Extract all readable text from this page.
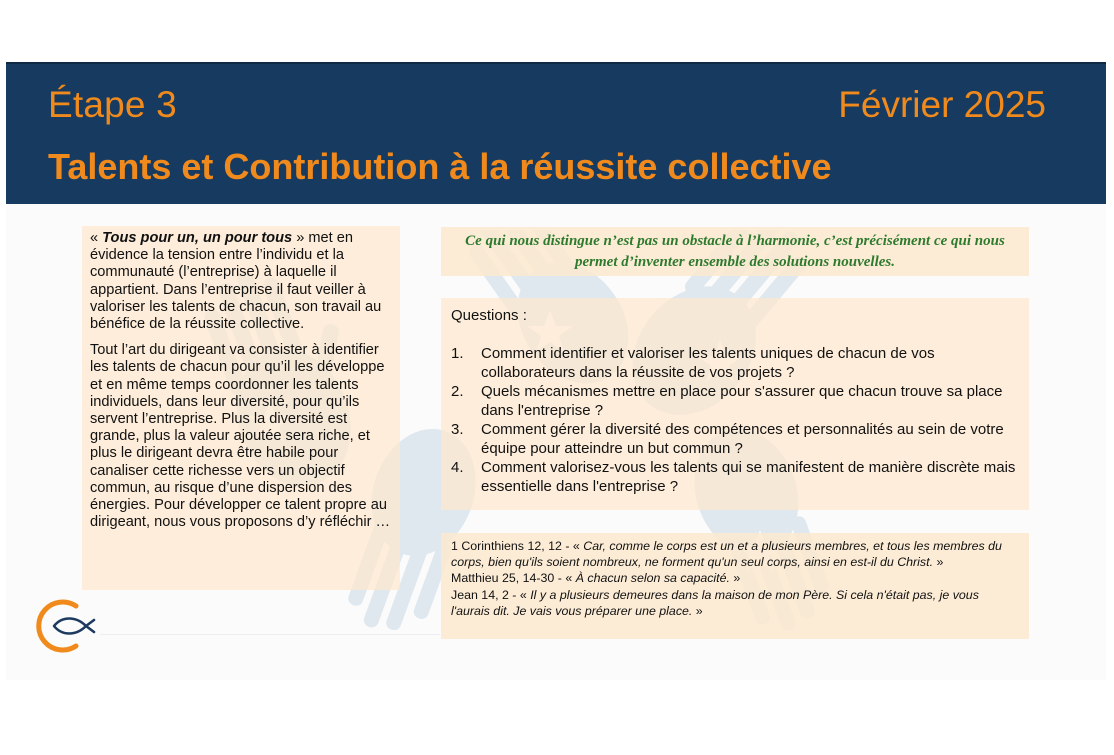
Étape 3	Février 2025
Talents et Contribution à la réussite collective

« Tous pour un, un pour tous » met en évidence la tension entre l’individu et la communauté (l’entreprise) à laquelle il appartient. Dans l’entreprise il faut veiller à valoriser les talents de chacun, son travail au bénéfice de la réussite collective.

Tout l’art du dirigeant va consister à identifier les talents de chacun pour qu’il les développe et en même temps coordonner les talents individuels, dans leur diversité, pour qu’ils servent l’entreprise. Plus la diversité est grande, plus la valeur ajoutée sera riche, et plus le dirigeant devra être habile pour canaliser cette richesse vers un objectif commun, au risque d’une dispersion des énergies. Pour développer ce talent propre au dirigeant, nous vous proposons d’y réfléchir …

Ce qui nous distingue n’est pas un obstacle à l’harmonie, c’est précisément ce qui nous permet d’inventer ensemble des solutions nouvelles.
Questions :
1. Comment identifier et valoriser les talents uniques de chacun de vos collaborateurs dans la réussite de vos projets ?
2. Quels mécanismes mettre en place pour s'assurer que chacun trouve sa place dans l'entreprise ?
3. Comment gérer la diversité des compétences et personnalités au sein de votre équipe pour atteindre un but commun ?
4. Comment valorisez-vous les talents qui se manifestent de manière discrète mais essentielle dans l'entreprise ?
1 Corinthiens 12, 12 - « Car, comme le corps est un et a plusieurs membres, et tous les membres du corps, bien qu'ils soient nombreux, ne forment qu'un seul corps, ainsi en est-il du Christ. »
Matthieu 25, 14-30 - « À chacun selon sa capacité. »
Jean 14, 2 - « Il y a plusieurs demeures dans la maison de mon Père. Si cela n'était pas, je vous l'aurais dit. Je vais vous préparer une place. »
